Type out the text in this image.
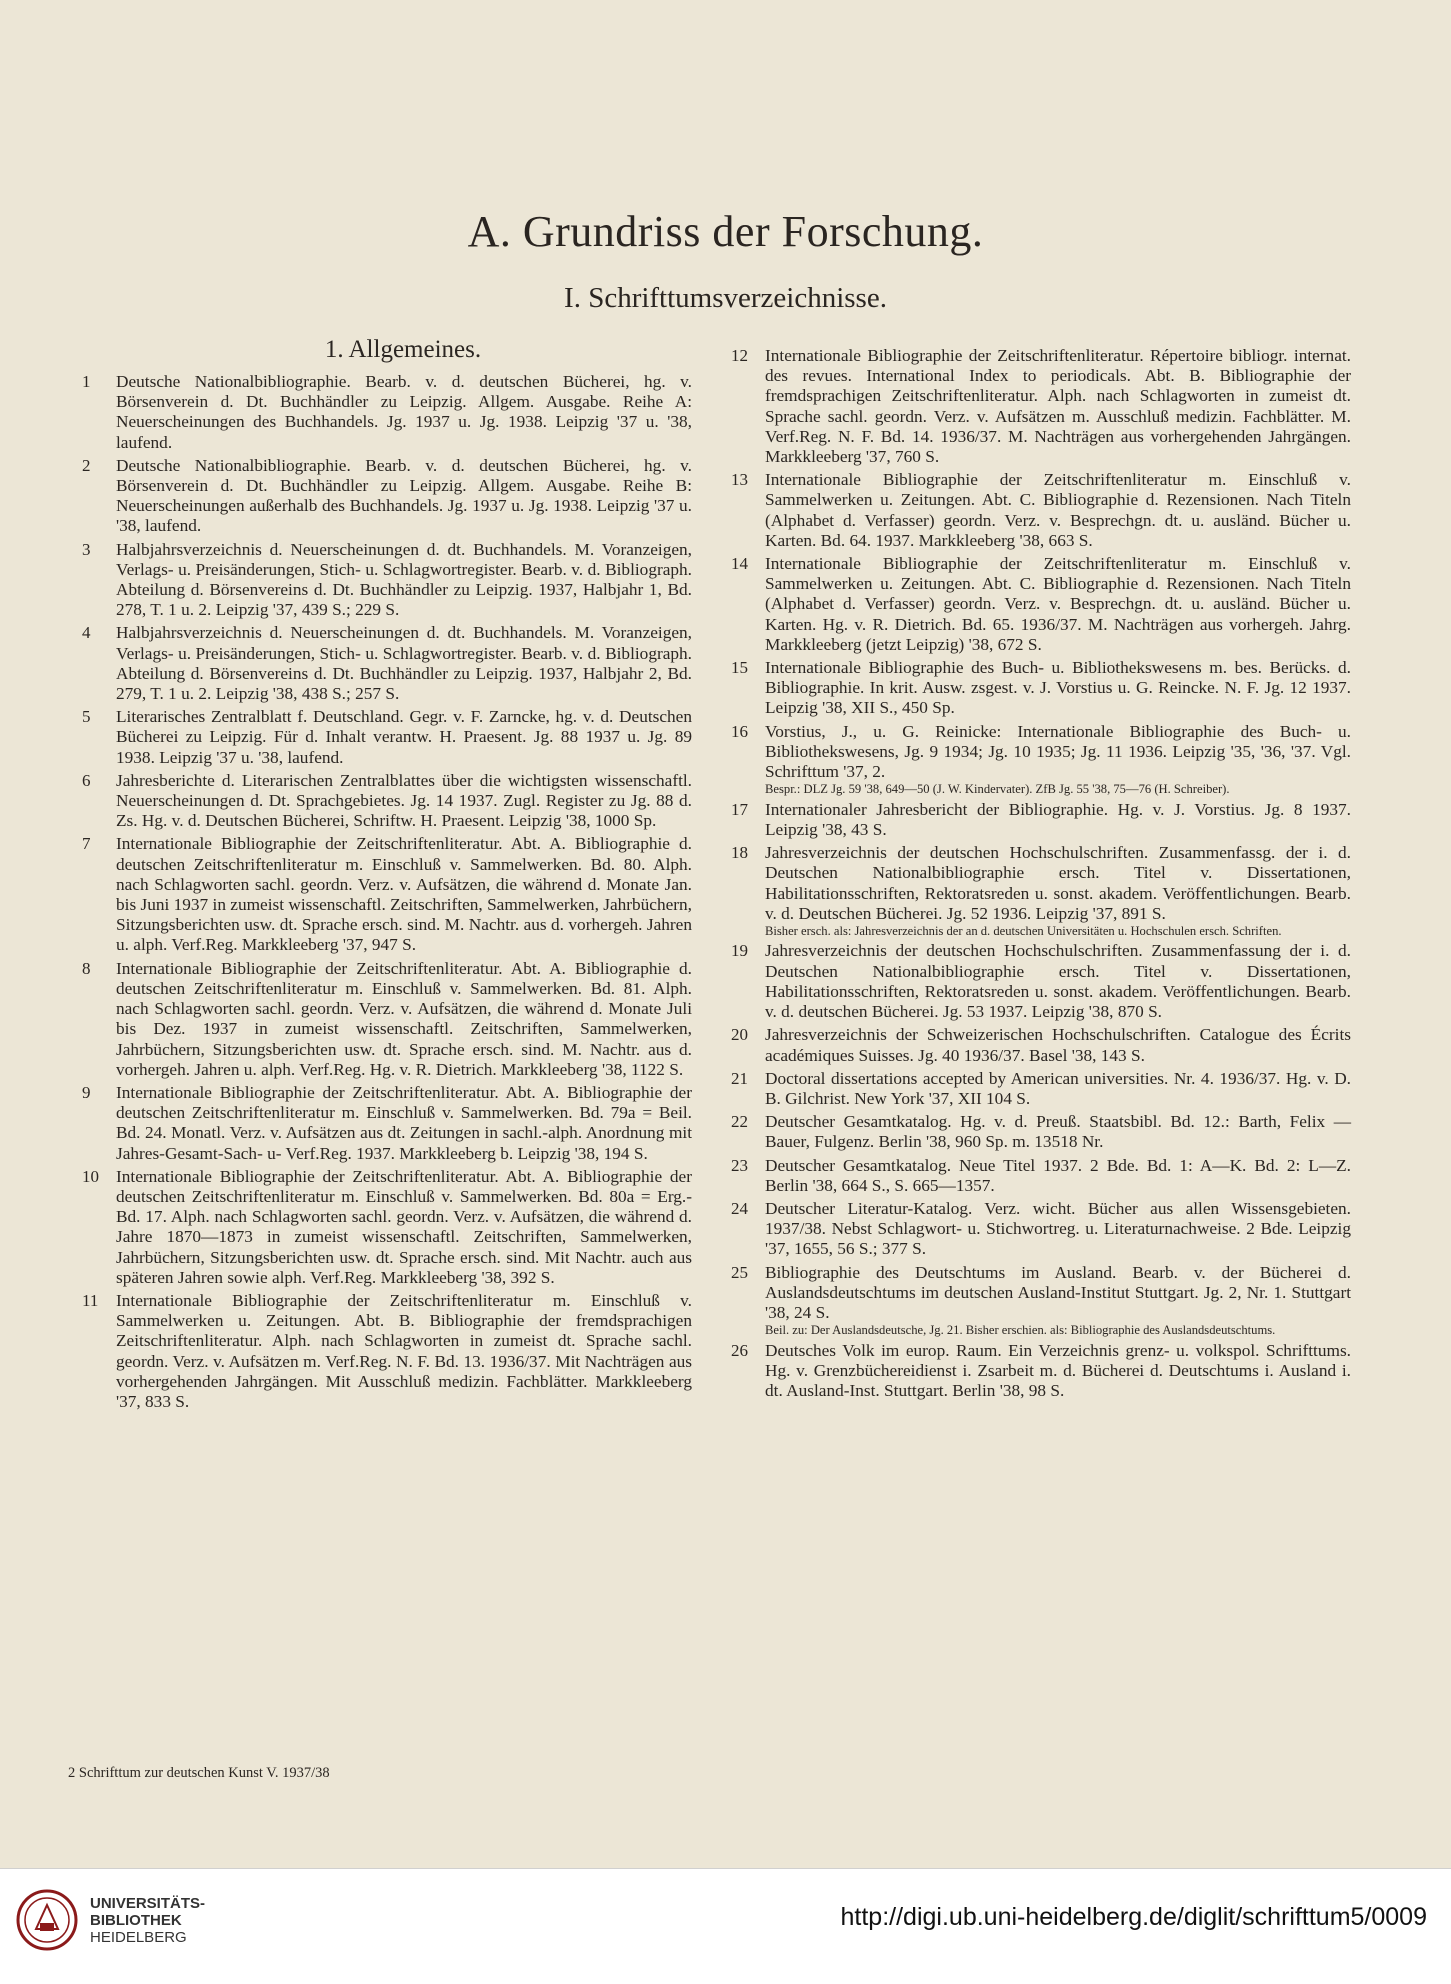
A. Grundriss der Forschung.
I. Schrifttumsverzeichnisse.
1. Allgemeines.
1	Deutsche Nationalbibliographie. Bearb. v. d. deutschen Bücherei, hg. v. Börsenverein d. Dt. Buchhändler zu Leipzig. Allgem. Ausgabe. Reihe A: Neuerscheinungen des Buchhandels. Jg. 1937 u. Jg. 1938. Leipzig '37 u. '38, laufend.

2	Deutsche Nationalbibliographie. Bearb. v. d. deutschen Bücherei, hg. v. Börsenverein d. Dt. Buchhändler zu Leipzig. Allgem. Ausgabe. Reihe B: Neuerscheinungen außerhalb des Buchhandels. Jg. 1937 u. Jg. 1938. Leipzig '37 u. '38, laufend.

3	Halbjahrsverzeichnis d. Neuerscheinungen d. dt. Buchhandels. M. Voranzeigen, Verlags- u. Preisänderungen, Stich- u. Schlagwortregister. Bearb. v. d. Bibliograph. Abteilung d. Börsenvereins d. Dt. Buchhändler zu Leipzig. 1937, Halbjahr 1, Bd. 278, T. 1 u. 2. Leipzig '37, 439 S.; 229 S.

4	Halbjahrsverzeichnis d. Neuerscheinungen d. dt. Buchhandels. M. Voranzeigen, Verlags- u. Preisänderungen, Stich- u. Schlagwortregister. Bearb. v. d. Bibliograph. Abteilung d. Börsenvereins d. Dt. Buchhändler zu Leipzig. 1937, Halbjahr 2, Bd. 279, T. 1 u. 2. Leipzig '38, 438 S.; 257 S.

5	Literarisches Zentralblatt f. Deutschland. Gegr. v. F. Zarncke, hg. v. d. Deutschen Bücherei zu Leipzig. Für d. Inhalt verantw. H. Praesent. Jg. 88 1937 u. Jg. 89 1938. Leipzig '37 u. '38, laufend.

6	Jahresberichte d. Literarischen Zentralblattes über die wichtigsten wissenschaftl. Neuerscheinungen d. Dt. Sprachgebietes. Jg. 14 1937. Zugl. Register zu Jg. 88 d. Zs. Hg. v. d. Deutschen Bücherei, Schriftw. H. Praesent. Leipzig '38, 1000 Sp.

7	Internationale Bibliographie der Zeitschriftenliteratur. Abt. A. Bibliographie d. deutschen Zeitschriftenliteratur m. Einschluß v. Sammelwerken. Bd. 80. Alph. nach Schlagworten sachl. geordn. Verz. v. Aufsätzen, die während d. Monate Jan. bis Juni 1937 in zumeist wissenschaftl. Zeitschriften, Sammelwerken, Jahrbüchern, Sitzungsberichten usw. dt. Sprache ersch. sind. M. Nachtr. aus d. vorhergeh. Jahren u. alph. Verf.Reg. Markkleeberg '37, 947 S.

8	Internationale Bibliographie der Zeitschriftenliteratur. Abt. A. Bibliographie d. deutschen Zeitschriftenliteratur m. Einschluß v. Sammelwerken. Bd. 81. Alph. nach Schlagworten sachl. geordn. Verz. v. Aufsätzen, die während d. Monate Juli bis Dez. 1937 in zumeist wissenschaftl. Zeitschriften, Sammelwerken, Jahrbüchern, Sitzungsberichten usw. dt. Sprache ersch. sind. M. Nachtr. aus d. vorhergeh. Jahren u. alph. Verf.Reg. Hg. v. R. Dietrich. Markkleeberg '38, 1122 S.

9	Internationale Bibliographie der Zeitschriftenliteratur. Abt. A. Bibliographie der deutschen Zeitschriftenliteratur m. Einschluß v. Sammelwerken. Bd. 79a = Beil. Bd. 24. Monatl. Verz. v. Aufsätzen aus dt. Zeitungen in sachl.-alph. Anordnung mit Jahres-Gesamt-Sach- u- Verf.Reg. 1937. Markkleeberg b. Leipzig '38, 194 S.

10 Internationale Bibliographie der Zeitschriftenliteratur. Abt. A. Bibliographie der deutschen Zeitschriftenliteratur m. Einschluß v. Sammelwerken. Bd. 80a = Erg.-Bd. 17. Alph. nach Schlagworten sachl. geordn. Verz. v. Aufsätzen, die während d. Jahre 1870—1873 in zumeist wissenschaftl. Zeitschriften, Sammelwerken, Jahrbüchern, Sitzungsberichten usw. dt. Sprache ersch. sind. Mit Nachtr. auch aus späteren Jahren sowie alph. Verf.Reg. Markkleeberg '38, 392 S.

11	Internationale Bibliographie der Zeitschriftenliteratur m. Einschluß v. Sammelwerken u. Zeitungen. Abt. B. Bibliographie der fremdsprachigen Zeitschriftenliteratur. Alph. nach Schlagworten in zumeist dt. Sprache sachl. geordn. Verz. v. Aufsätzen m. Verf.Reg. N. F. Bd. 13. 1936/37. Mit Nachträgen aus vorhergehenden Jahrgängen. Mit Ausschluß medizin. Fachblätter. Markkleeberg '37, 833 S.

12 Internationale Bibliographie der Zeitschriftenliteratur. Répertoire bibliogr. internat. des revues. International Index to periodicals. Abt. B. Bibliographie der fremdsprachigen Zeitschriftenliteratur. Alph. nach Schlagworten in zumeist dt. Sprache sachl. geordn. Verz. v. Aufsätzen m. Ausschluß medizin. Fachblätter. M. Verf.Reg. N. F. Bd. 14. 1936/37. M. Nachträgen aus vorhergehenden Jahrgängen. Markkleeberg '37, 760 S.

13 Internationale Bibliographie der Zeitschriftenliteratur m. Einschluß v. Sammelwerken u. Zeitungen. Abt. C. Bibliographie d. Rezensionen. Nach Titeln (Alphabet d. Verfasser) geordn. Verz. v. Besprechgn. dt. u. ausländ. Bücher u. Karten. Bd. 64. 1937. Markkleeberg '38, 663 S.

14 Internationale Bibliographie der Zeitschriftenliteratur m. Einschluß v. Sammelwerken u. Zeitungen. Abt. C. Bibliographie d. Rezensionen. Nach Titeln (Alphabet d. Verfasser) geordn. Verz. v. Besprechgn. dt. u. ausländ. Bücher u. Karten. Hg. v. R. Dietrich. Bd. 65. 1936/37. M. Nachträgen aus vorhergeh. Jahrg. Markkleeberg (jetzt Leipzig) '38, 672 S.

15 Internationale Bibliographie des Buch- u. Bibliothekswesens m. bes. Berücks. d. Bibliographie. In krit. Ausw. zsgest. v. J. Vorstius u. G. Reincke. N. F. Jg. 12 1937. Leipzig '38, XII S., 450 Sp.

16 Vorstius, J., u. G. Reinicke: Internationale Bibliographie des Buch- u. Bibliothekswesens, Jg. 9 1934; Jg. 10 1935; Jg. 11 1936. Leipzig '35, '36, '37. Vgl. Schrifttum '37, 2.

Bespr.: DLZ Jg. 59 '38, 649—50 (J. W. Kindervater). ZfB Jg. 55 '38, 75—76 (H. Schreiber).

17 Internationaler Jahresbericht der Bibliographie. Hg. v. J. Vorstius. Jg. 8 1937. Leipzig '38, 43 S.

18 Jahresverzeichnis der deutschen Hochschulschriften. Zusammenfassg. der i. d. Deutschen Nationalbibliographie ersch. Titel v. Dissertationen, Habilitationsschriften, Rektoratsreden u. sonst. akadem. Veröffentlichungen. Bearb. v. d. Deutschen Bücherei. Jg. 52 1936. Leipzig '37, 891 S.

Bisher ersch. als: Jahresverzeichnis der an d. deutschen Universitäten u. Hochschulen ersch. Schriften.

19 Jahresverzeichnis der deutschen Hochschulschriften. Zusammenfassung der i. d. Deutschen Nationalbibliographie ersch. Titel v. Dissertationen, Habilitationsschriften, Rektoratsreden u. sonst. akadem. Veröffentlichungen. Bearb. v. d. deutschen Bücherei. Jg. 53 1937. Leipzig '38, 870 S.

20 Jahresverzeichnis der Schweizerischen Hochschulschriften. Catalogue des Écrits académiques Suisses. Jg. 40 1936/37. Basel '38, 143 S.

21 Doctoral dissertations accepted by American universities. Nr. 4. 1936/37. Hg. v. D. B. Gilchrist. New York '37, XII 104 S.

22 Deutscher Gesamtkatalog. Hg. v. d. Preuß. Staatsbibl. Bd. 12.: Barth, Felix — Bauer, Fulgenz. Berlin '38, 960 Sp. m. 13518 Nr.

23 Deutscher Gesamtkatalog. Neue Titel 1937. 2 Bde. Bd. 1: A—K. Bd. 2: L—Z. Berlin '38, 664 S., S. 665—1357.

24 Deutscher Literatur-Katalog. Verz. wicht. Bücher aus allen Wissensgebieten. 1937/38. Nebst Schlagwort- u. Stichwortreg. u. Literaturnachweise. 2 Bde. Leipzig '37, 1655, 56 S.; 377 S.

25 Bibliographie des Deutschtums im Ausland. Bearb. v. der Bücherei d. Auslandsdeutschtums im deutschen Ausland-Institut Stuttgart. Jg. 2, Nr. 1. Stuttgart '38, 24 S.

Beil. zu: Der Auslandsdeutsche, Jg. 21. Bisher erschien. als: Bibliographie des Auslandsdeutschtums.

26 Deutsches Volk im europ. Raum. Ein Verzeichnis grenz- u. volkspol. Schrifttums. Hg. v. Grenzbüchereidienst i. Zsarbeit m. d. Bücherei d. Deutschtums i. Ausland i. dt. Ausland-Inst. Stuttgart. Berlin '38, 98 S.

2 Schrifttum zur deutschen Kunst V. 1937/38
UNIVERSITÄTS-
BIBLIOTHEK
HEIDELBERG
http://digi.ub.uni-heidelberg.de/diglit/schrifttum5/0009
